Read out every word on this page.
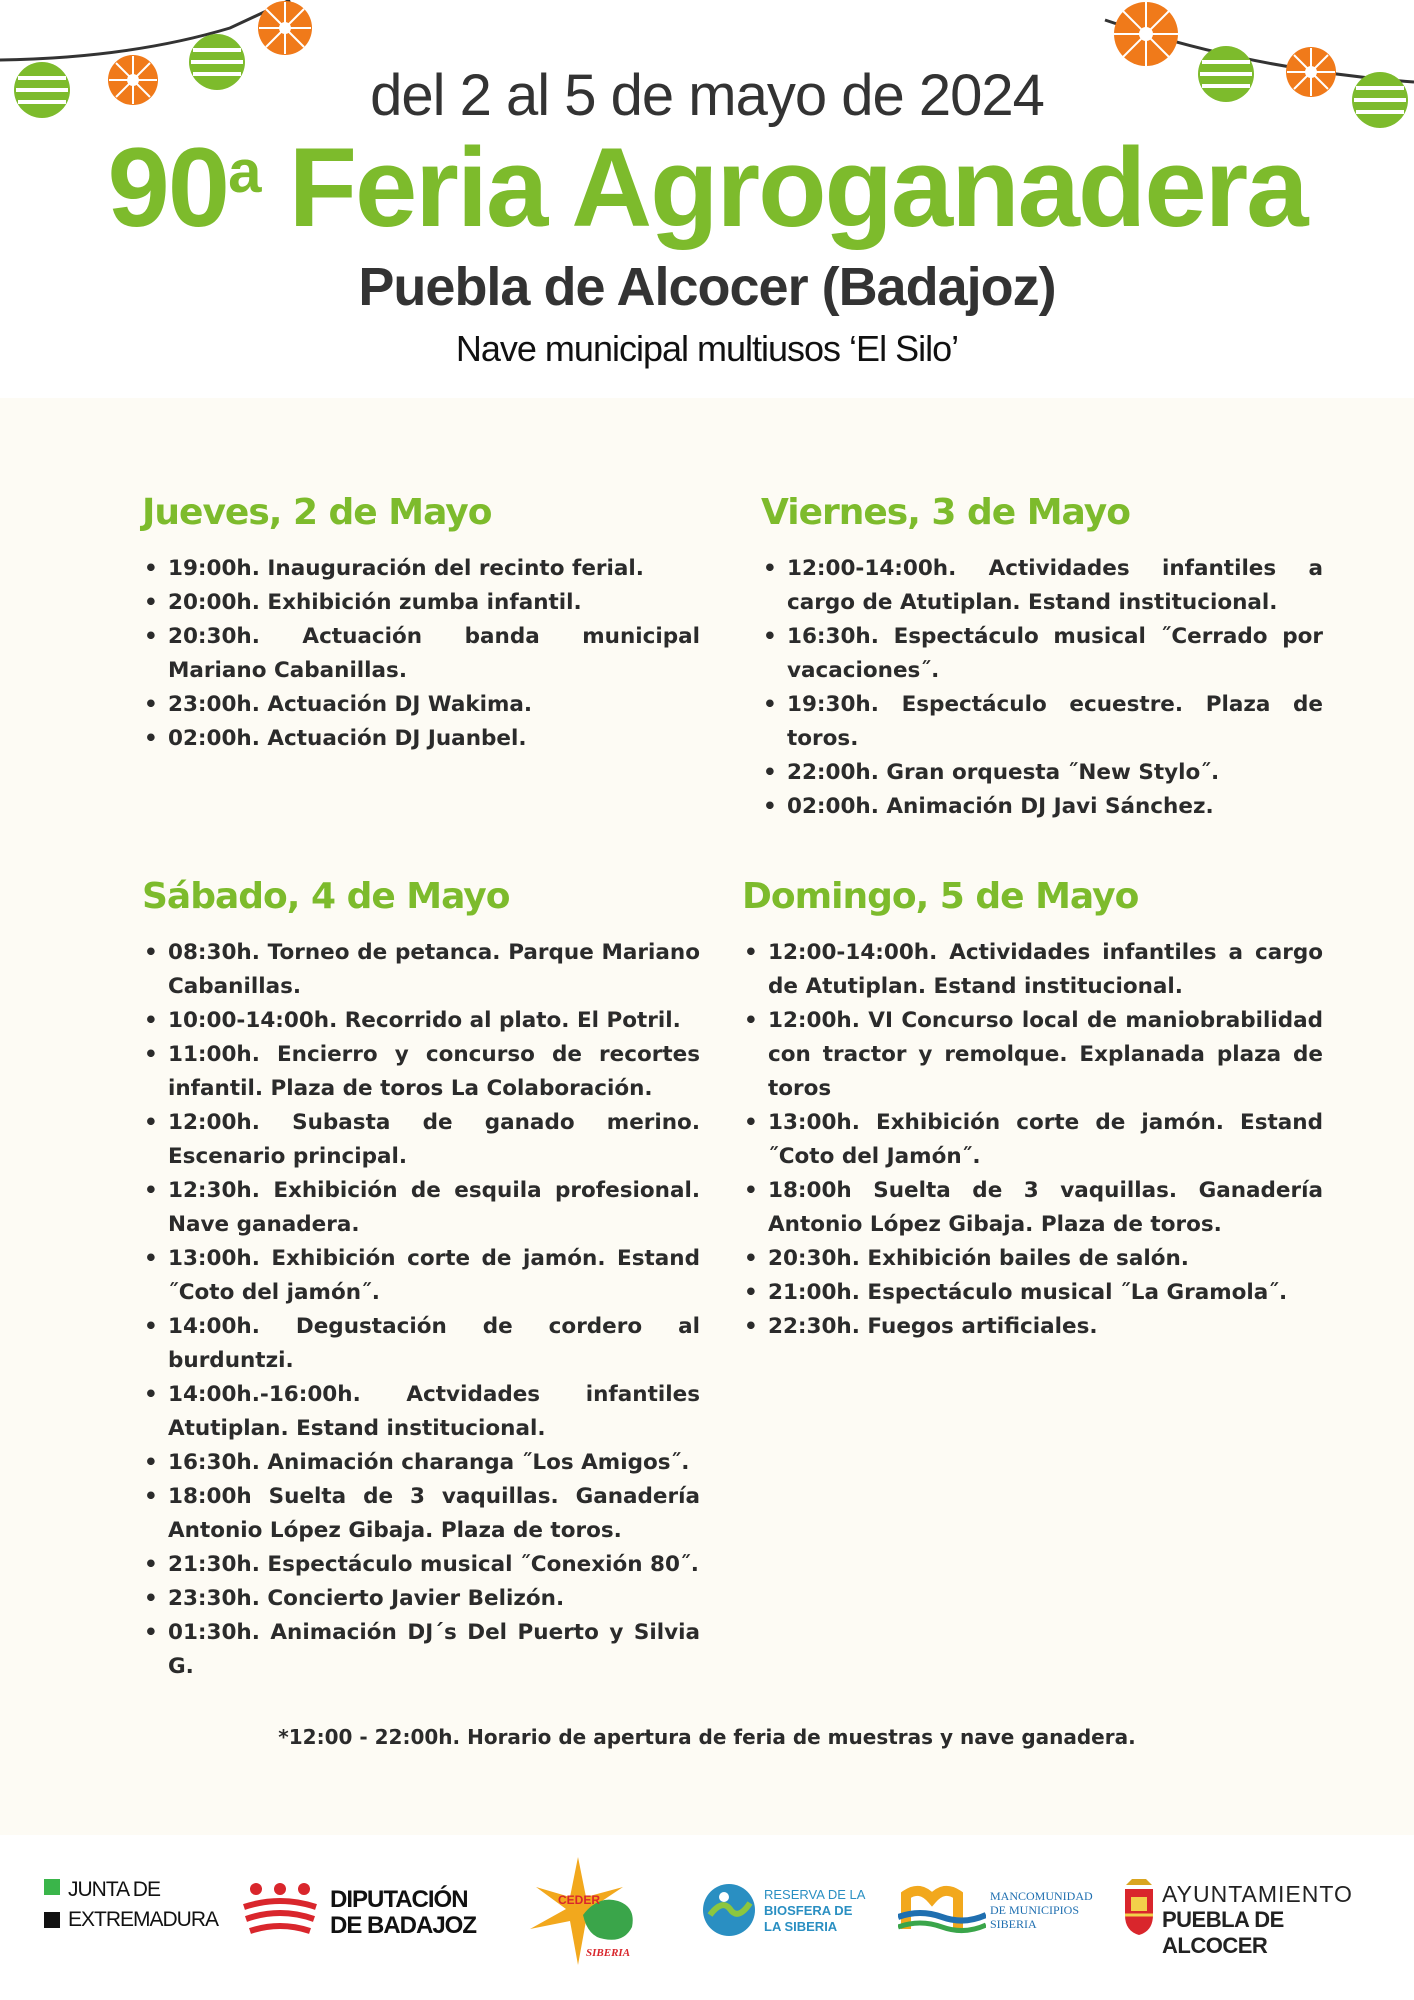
del 2 al 5 de mayo de 2024
90$^a$ Feria Agroganadera
Puebla de Alcocer (Badajoz)
Nave municipal multiusos ‘El Silo’
Jueves, 2 de Mayo
• 19:00h. Inauguración del recinto ferial.
• 20:00h. Exhibición zumba infantil.
• 20:30h. Actuación banda municipal Mariano Cabanillas.
• 23:00h. Actuación DJ Wakima.
• 02:00h. Actuación DJ Juanbel.
Viernes, 3 de Mayo
• 12:00-14:00h. Actividades infantiles a cargo de Atutiplan. Estand institucional.
• 16:30h. Espectáculo musical ˝Cerrado por vacaciones˝.
• 19:30h. Espectáculo ecuestre. Plaza de toros.
• 22:00h. Gran orquesta ˝New Stylo˝.
• 02:00h. Animación DJ Javi Sánchez.
Sábado, 4 de Mayo
• 08:30h. Torneo de petanca. Parque Mariano Cabanillas.
• 10:00-14:00h. Recorrido al plato. El Potril.
• 11:00h. Encierro y concurso de recortes infantil. Plaza de toros La Colaboración.
• 12:00h. Subasta de ganado merino. Escenario principal.
• 12:30h. Exhibición de esquila profesional. Nave ganadera.
• 13:00h. Exhibición corte de jamón. Estand ˝Coto del jamón˝.
• 14:00h. Degustación de cordero al burduntzi.
• 14:00h.-16:00h. Actvidades infantiles Atutiplan. Estand institucional.
• 16:30h. Animación charanga ˝Los Amigos˝.
• 18:00h Suelta de 3 vaquillas. Ganadería Antonio López Gibaja. Plaza de toros.
• 21:30h. Espectáculo musical ˝Conexión 80˝.
• 23:30h. Concierto Javier Belizón.
• 01:30h. Animación DJ´s Del Puerto y Silvia G.
Domingo, 5 de Mayo
• 12:00-14:00h. Actividades infantiles a cargo de Atutiplan. Estand institucional.
• 12:00h. VI Concurso local de maniobrabilidad con tractor y remolque. Explanada plaza de toros
• 13:00h. Exhibición corte de jamón. Estand ˝Coto del Jamón˝.
• 18:00h Suelta de 3 vaquillas. Ganadería Antonio López Gibaja. Plaza de toros.
• 20:30h. Exhibición bailes de salón.
• 21:00h. Espectáculo musical ˝La Gramola˝.
• 22:30h. Fuegos artificiales.
*12:00 - 22:00h. Horario de apertura de feria de muestras y nave ganadera.
JUNTA DE
EXTREMADURA
DIPUTACIÓN
DE BADAJOZ
CEDER
SIBERIA
RESERVA DE LA
BIOSFERA DE
LA SIBERIA
MANCOMUNIDAD
DE MUNICIPIOS
SIBERIA
AYUNTAMIENTO
PUEBLA DE ALCOCER
